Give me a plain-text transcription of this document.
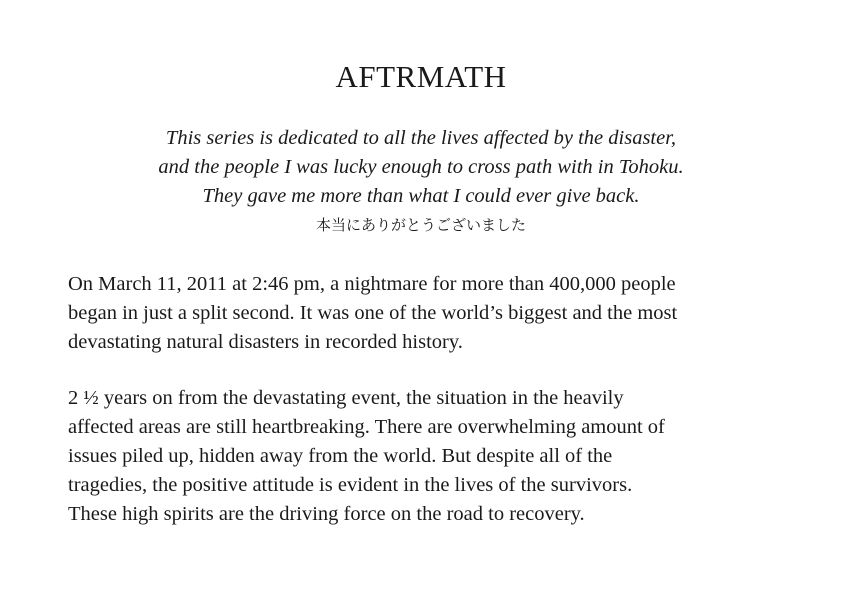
AFTRMATH
This series is dedicated to all the lives affected by the disaster,
and the people I was lucky enough to cross path with in Tohoku.
They gave me more than what I could ever give back.
本当にありがとうございました

On March 11, 2011 at 2:46 pm, a nightmare for more than 400,000 people
began in just a split second. It was one of the world’s biggest and the most
devastating natural disasters in recorded history.

2 ½ years on from the devastating event, the situation in the heavily
affected areas are still heartbreaking. There are overwhelming amount of
issues piled up, hidden away from the world. But despite all of the
tragedies, the positive attitude is evident in the lives of the survivors.
These high spirits are the driving force on the road to recovery.
